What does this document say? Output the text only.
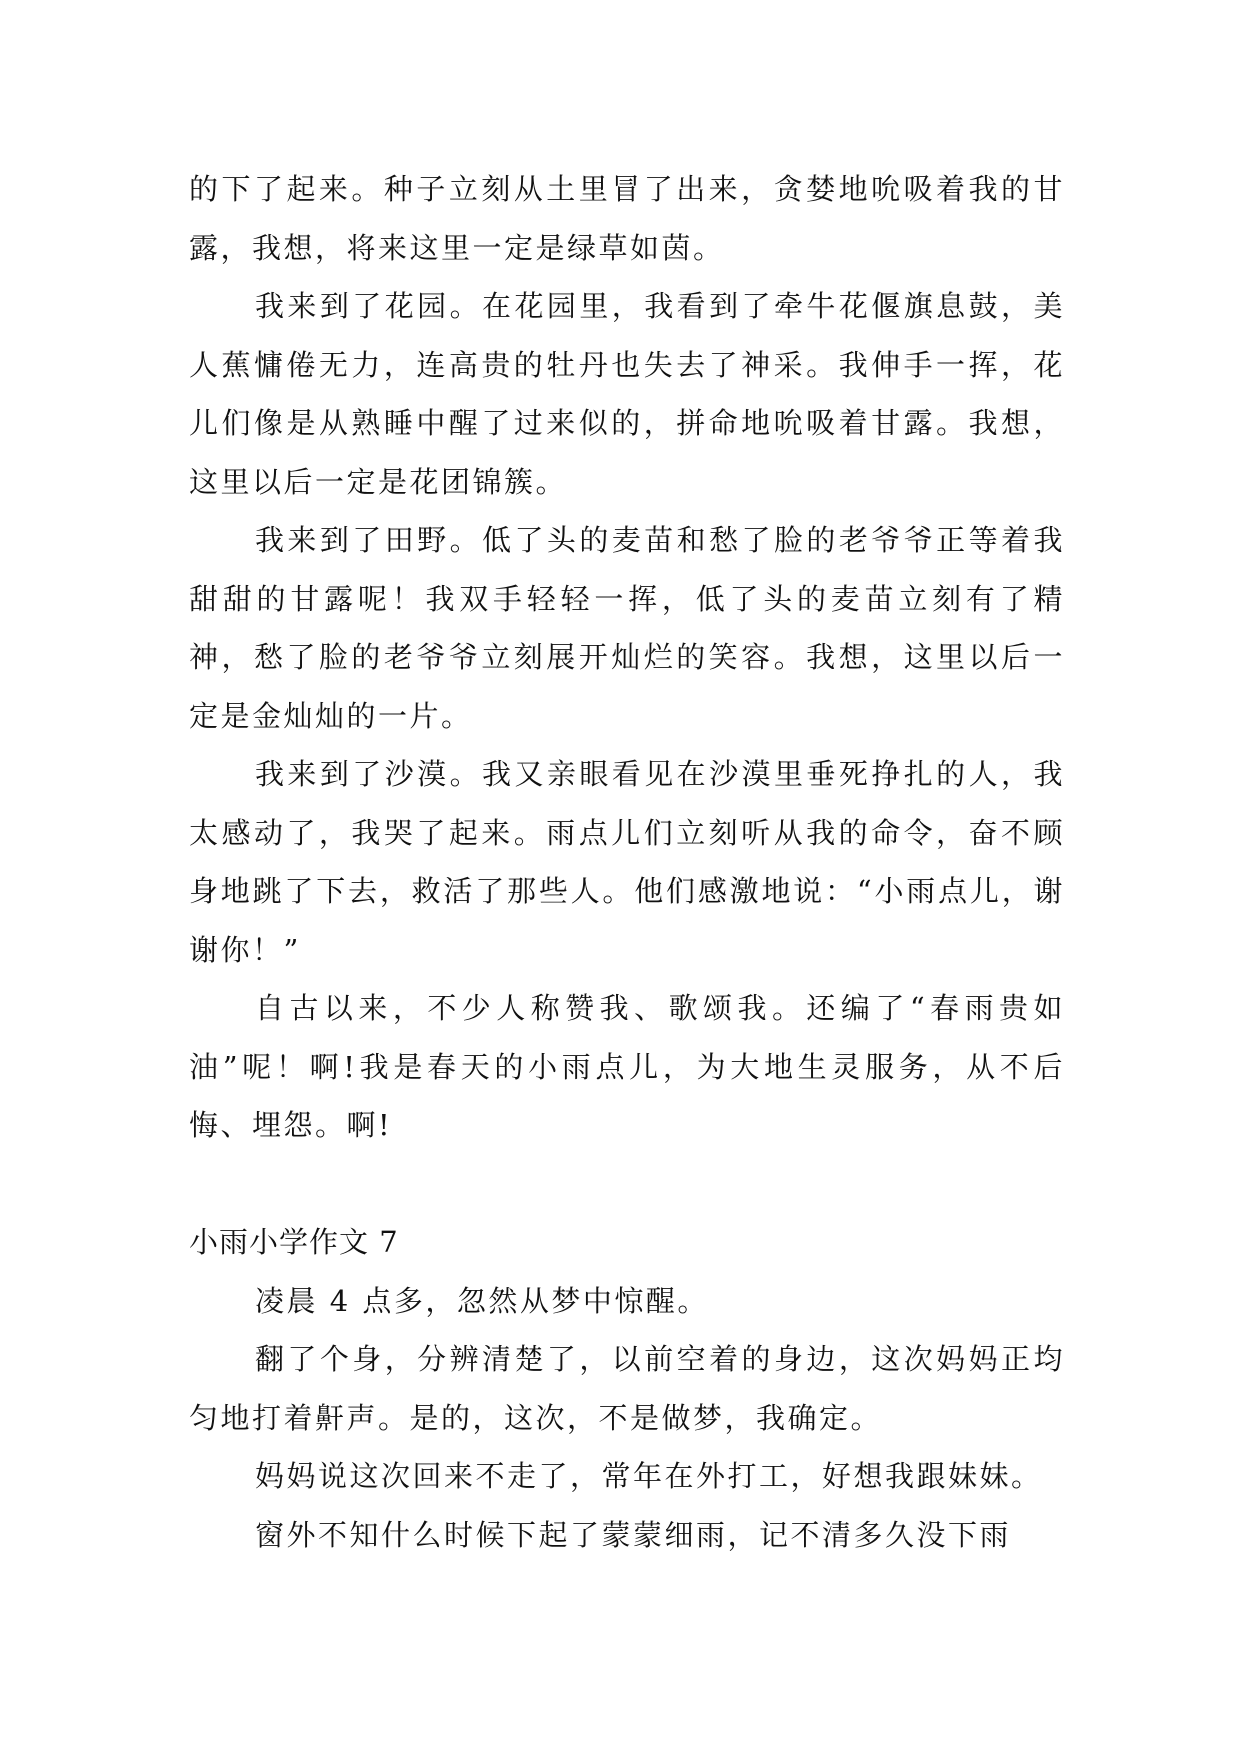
的下了起来。种子立刻从土里冒了出来，贪婪地吮吸着我的甘露，我想，将来这里一定是绿草如茵。

我来到了花园。在花园里，我看到了牵牛花偃旗息鼓，美人蕉慵倦无力，连高贵的牡丹也失去了神采。我伸手一挥，花儿们像是从熟睡中醒了过来似的，拼命地吮吸着甘露。我想，这里以后一定是花团锦簇。

我来到了田野。低了头的麦苗和愁了脸的老爷爷正等着我甜甜的甘露呢！我双手轻轻一挥，低了头的麦苗立刻有了精神，愁了脸的老爷爷立刻展开灿烂的笑容。我想，这里以后一定是金灿灿的一片。

我来到了沙漠。我又亲眼看见在沙漠里垂死挣扎的人，我太感动了，我哭了起来。雨点儿们立刻听从我的命令，奋不顾身地跳了下去，救活了那些人。他们感激地说：“小雨点儿，谢谢你！”

自古以来，不少人称赞我、歌颂我。还编了“春雨贵如油”呢！啊!我是春天的小雨点儿，为大地生灵服务，从不后悔、埋怨。啊!

小雨小学作文 7

凌晨 4 点多，忽然从梦中惊醒。

翻了个身，分辨清楚了，以前空着的身边，这次妈妈正均匀地打着鼾声。是的，这次，不是做梦，我确定。

妈妈说这次回来不走了，常年在外打工，好想我跟妹妹。

窗外不知什么时候下起了蒙蒙细雨，记不清多久没下雨
